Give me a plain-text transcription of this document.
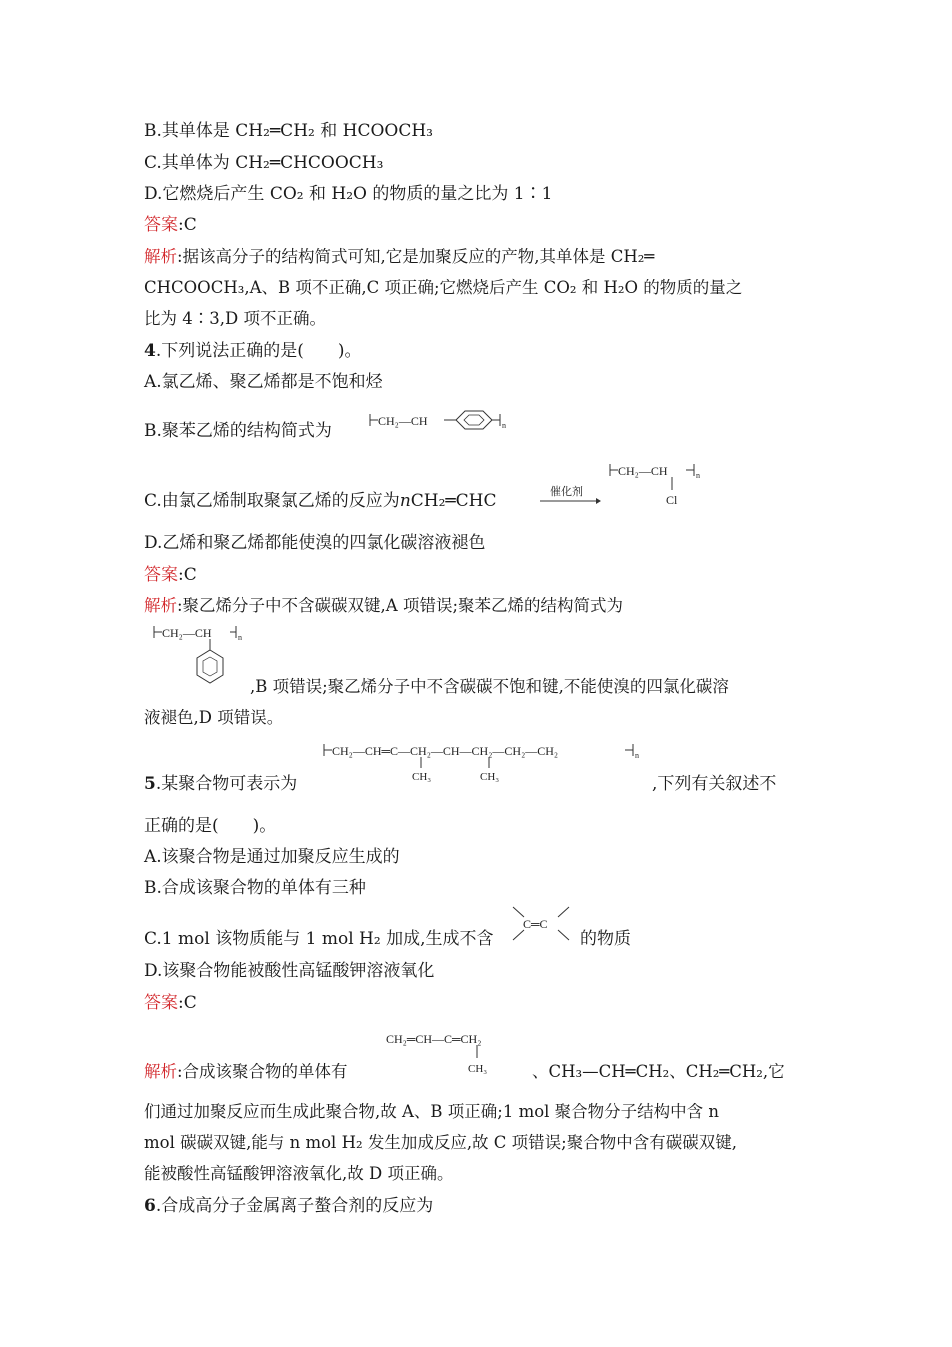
B.其单体是 CH₂═CH₂ 和 HCOOCH₃
C.其单体为 CH₂═CHCOOCH₃
D.它燃烧后产生 CO₂ 和 H₂O 的物质的量之比为 1∶1
答案:C
解析:据该高分子的结构简式可知,它是加聚反应的产物,其单体是 CH₂═
CHCOOCH₃,A、B 项不正确,C 项正确;它燃烧后产生 CO₂ 和 H₂O 的物质的量之
比为 4∶3,D 项不正确。
4.下列说法正确的是(　　)。
A.氯乙烯、聚乙烯都是不饱和烃
B.聚苯乙烯的结构简式为	CH₂—CH	n
C.由氯乙烯制取聚氯乙烯的反应为nCH₂═CHC	催化剂
CH₂—CH	n
Cl
D.乙烯和聚乙烯都能使溴的四氯化碳溶液褪色
答案:C
解析:聚乙烯分子中不含碳碳双键,A 项错误;聚苯乙烯的结构简式为
CH₂—CH	n
,B 项错误;聚乙烯分子中不含碳碳不饱和键,不能使溴的四氯化碳溶
液褪色,D 项错误。
CH₂—CH═C—CH₂—CH—CH₂—CH₂—CH₂	n
CH₃	CH₃
5.某聚合物可表示为	,下列有关叙述不
正确的是(　　)。
A.该聚合物是通过加聚反应生成的
B.合成该聚合物的单体有三种
C.1 mol 该物质能与 1 mol H₂ 加成,生成不含
C═C
的物质
D.该聚合物能被酸性高锰酸钾溶液氧化
答案:C
CH₂═CH—C═CH₂
CH₃
解析:合成该聚合物的单体有	、CH₃—CH═CH₂、CH₂═CH₂,它
们通过加聚反应而生成此聚合物,故 A、B 项正确;1 mol 聚合物分子结构中含 n
mol 碳碳双键,能与 n mol H₂ 发生加成反应,故 C 项错误;聚合物中含有碳碳双键,
能被酸性高锰酸钾溶液氧化,故 D 项正确。
6.合成高分子金属离子螯合剂的反应为
